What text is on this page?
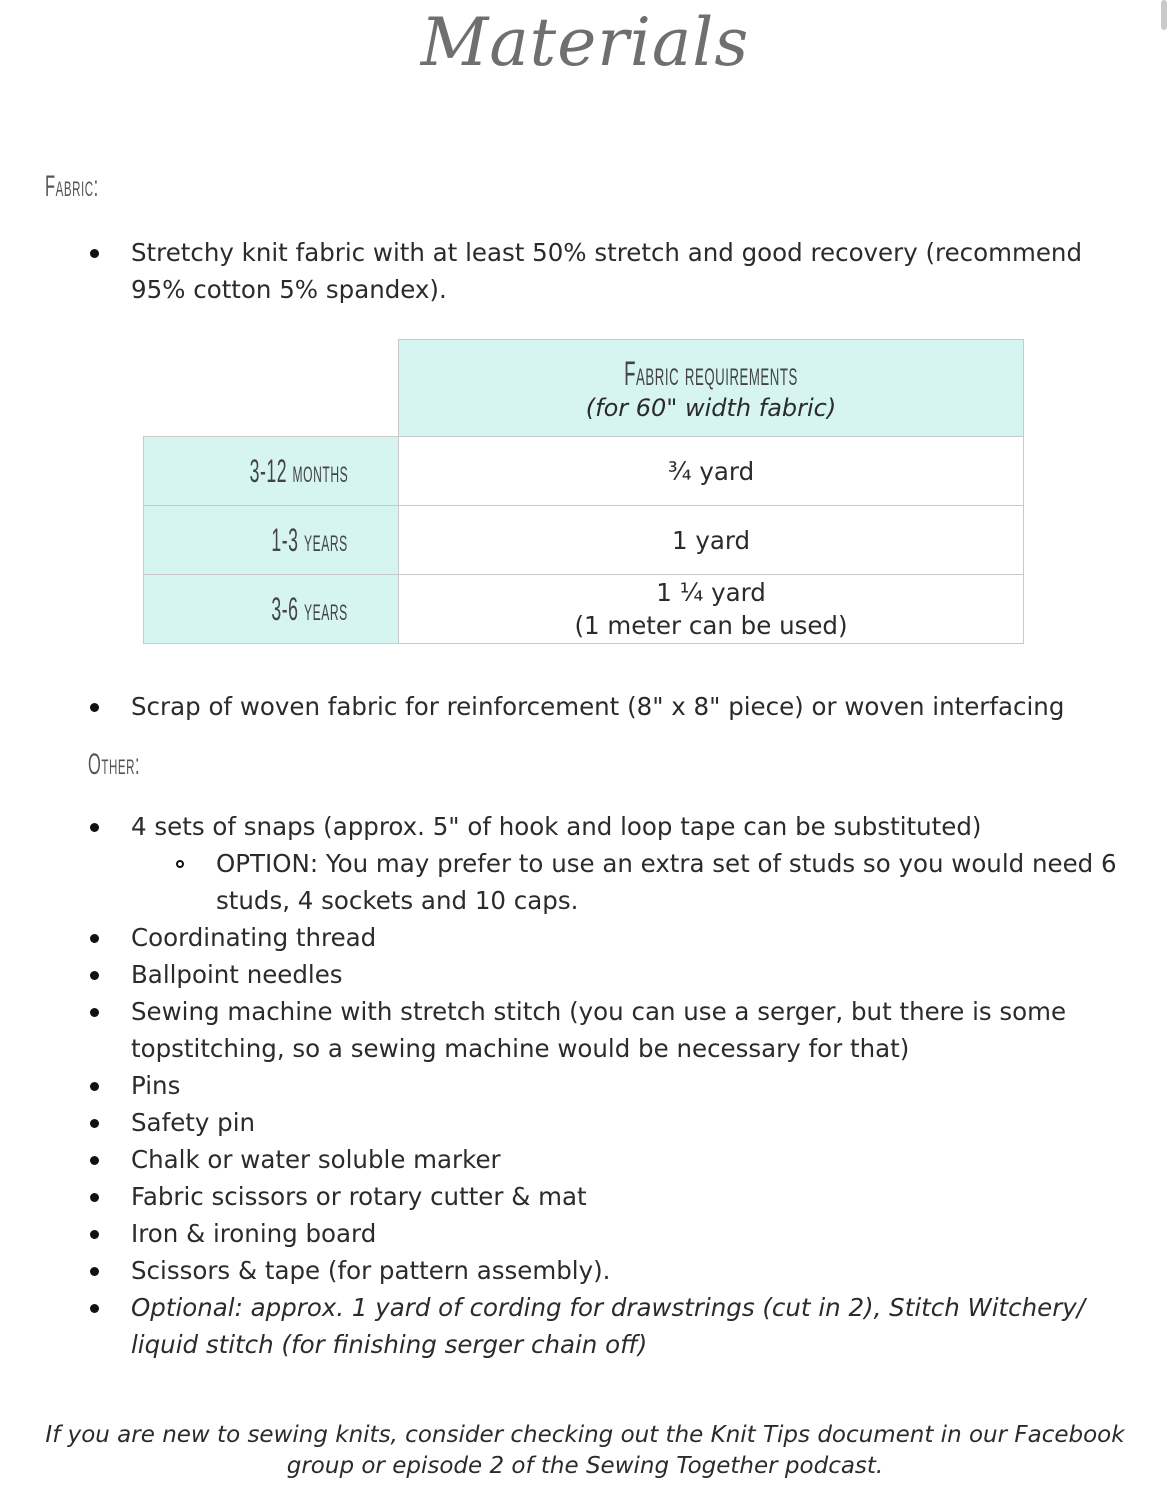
Materials
Fabric:
Stretchy knit fabric with at least 50% stretch and good recovery (recommend
95% cotton 5% spandex).
	Fabric requirements
(for 60" width fabric)
3-12 months	¾ yard
1-3 years	1 yard
3-6 years	1 ¼ yard
(1 meter can be used)
Scrap of woven fabric for reinforcement (8" x 8" piece) or woven interfacing
Other:
4 sets of snaps (approx. 5" of hook and loop tape can be substituted)
OPTION: You may prefer to use an extra set of studs so you would need 6
studs, 4 sockets and 10 caps.
Coordinating thread
Ballpoint needles
Sewing machine with stretch stitch (you can use a serger, but there is some
topstitching, so a sewing machine would be necessary for that)
Pins
Safety pin
Chalk or water soluble marker
Fabric scissors or rotary cutter & mat
Iron & ironing board
Scissors & tape (for pattern assembly).
Optional: approx. 1 yard of cording for drawstrings (cut in 2), Stitch Witchery/
liquid stitch (for finishing serger chain off)
If you are new to sewing knits, consider checking out the Knit Tips document in our Facebook
group or episode 2 of the Sewing Together podcast.
